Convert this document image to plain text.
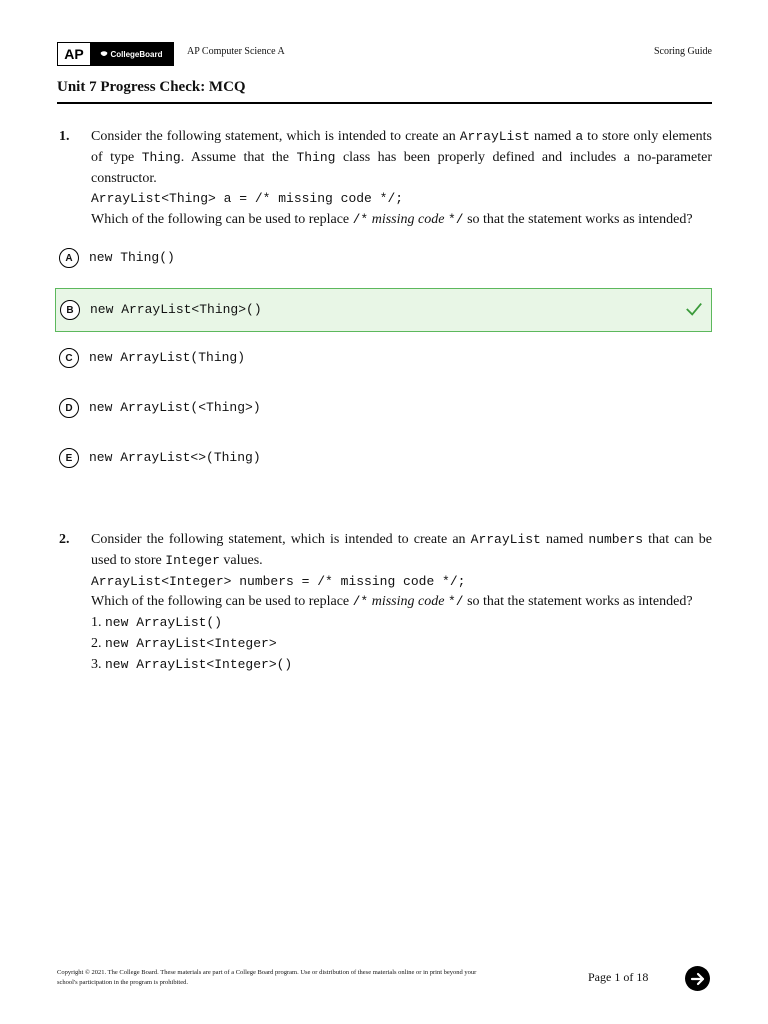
AP	CollegeBoard AP Computer Science A	Scoring Guide
Unit 7 Progress Check: MCQ
1. Consider the following statement, which is intended to create an ArrayList named a to store only elements of type Thing. Assume that the Thing class has been properly defined and includes a no-parameter constructor.

ArrayList<Thing> a = /* missing code */;

Which of the following can be used to replace /* missing code */ so that the statement works as intended?

A	new Thing()
B	new ArrayList<Thing>()
C	new ArrayList(Thing)
D	new ArrayList(<Thing>)
E	new ArrayList<>(Thing)
2. Consider the following statement, which is intended to create an ArrayList named numbers that can be used to store Integer values.

ArrayList<Integer> numbers = /* missing code */;

Which of the following can be used to replace /* missing code */ so that the statement works as intended?

1. new ArrayList()

2. new ArrayList<Integer>

3. new ArrayList<Integer>()

Copyright © 2021. The College Board. These materials are part of a College Board program. Use or distribution of these materials online or in print beyond your school's participation in the program is prohibited.	Page 1 of 18
